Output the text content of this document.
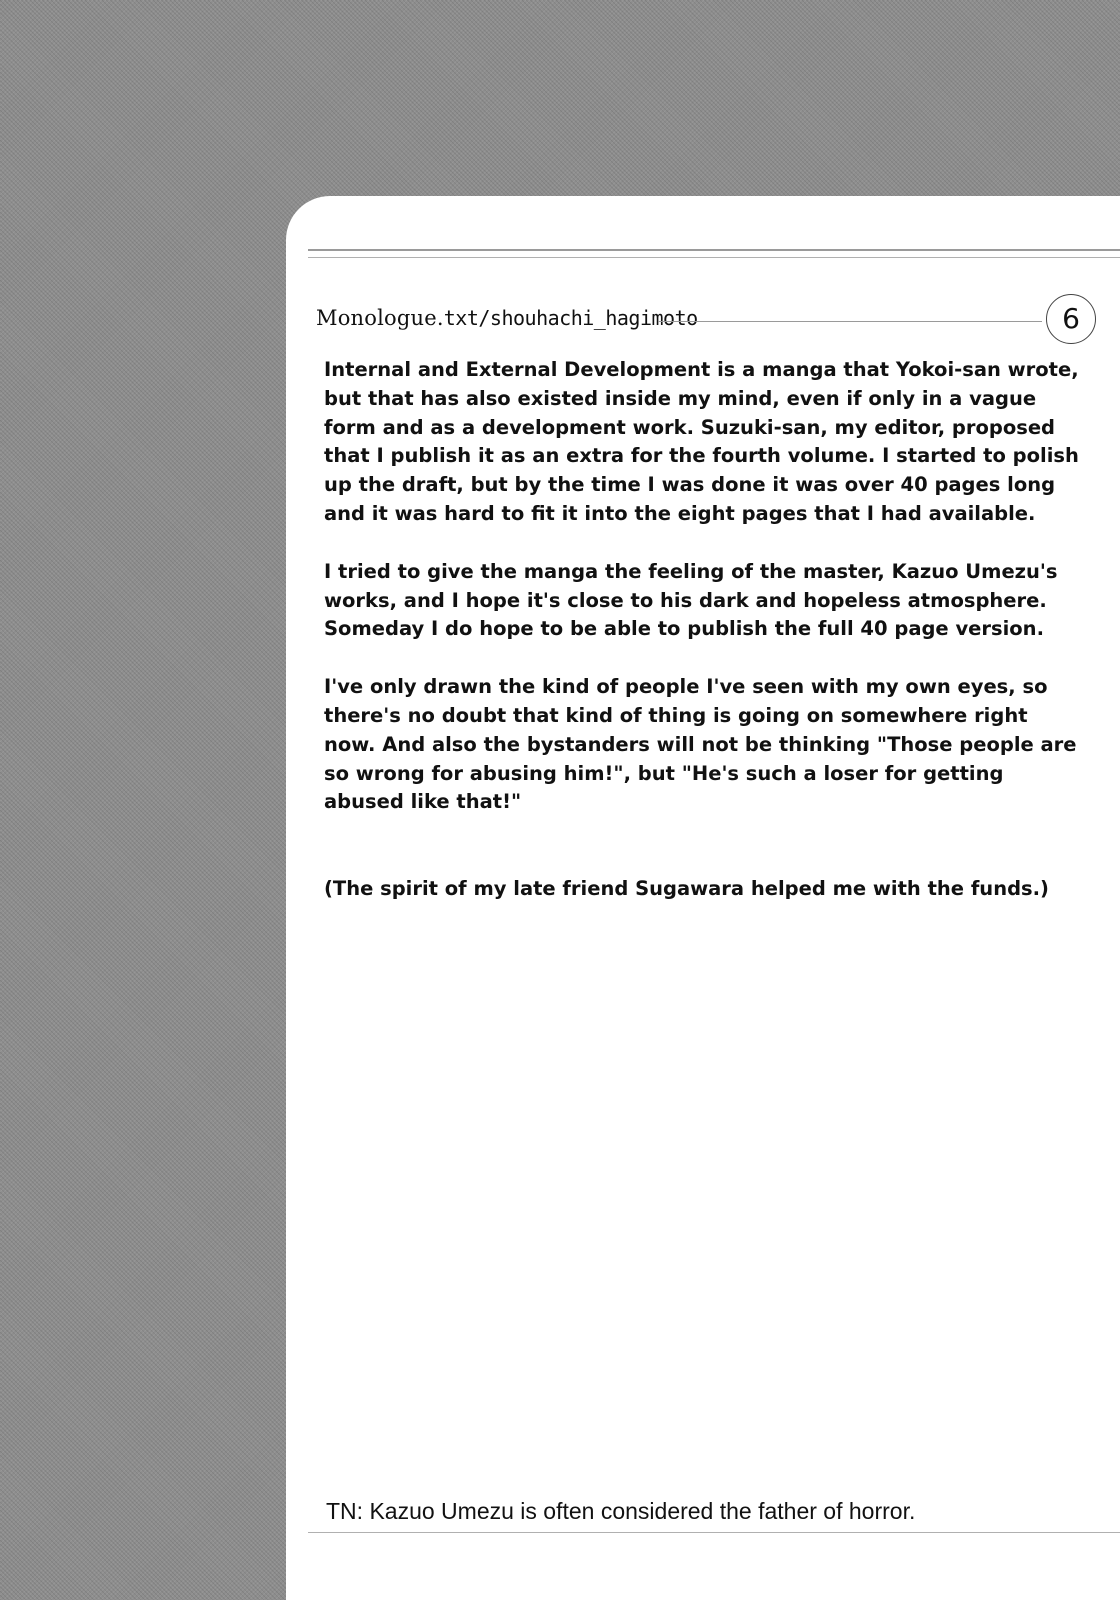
Monologue.txt/shouhachi_hagimoto	6

Internal and External Development is a manga that Yokoi-san wrote, but that has also existed inside my mind, even if only in a vague form and as a development work. Suzuki-san, my editor, proposed that I publish it as an extra for the fourth volume. I started to polish up the draft, but by the time I was done it was over 40 pages long and it was hard to fit it into the eight pages that I had available.

I tried to give the manga the feeling of the master, Kazuo Umezu's works, and I hope it's close to his dark and hopeless atmosphere. Someday I do hope to be able to publish the full 40 page version.

I've only drawn the kind of people I've seen with my own eyes, so there's no doubt that kind of thing is going on somewhere right now. And also the bystanders will not be thinking "Those people are so wrong for abusing him!", but "He's such a loser for getting abused like that!"

(The spirit of my late friend Sugawara helped me with the funds.)

TN: Kazuo Umezu is often considered the father of horror.
